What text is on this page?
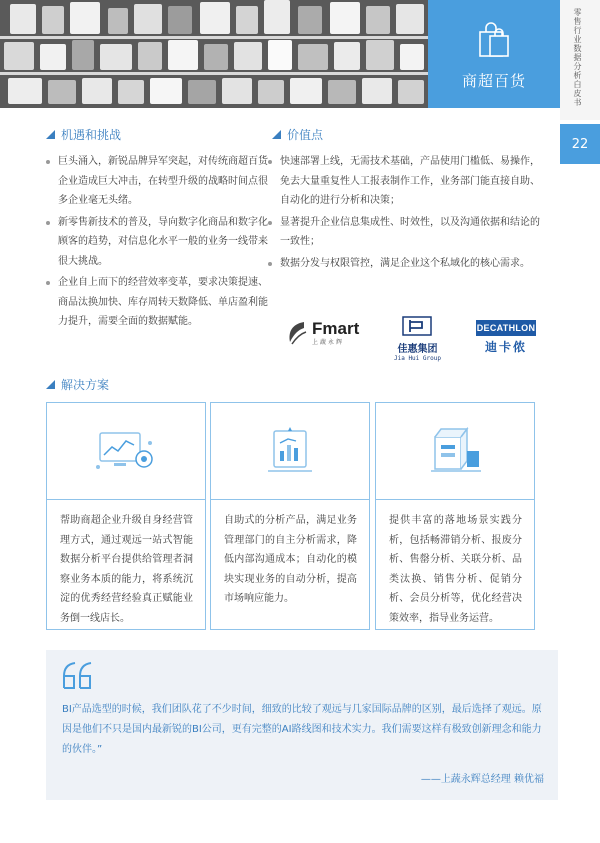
商超百货	零售行业数据分析白皮书
22
机遇和挑战
巨头涌入，新锐品牌异军突起，对传统商超百货企业造成巨大冲击，在转型升级的战略时间点很多企业毫无头绪。
新零售新技术的普及，导向数字化商品和数字化顾客的趋势，对信息化水平一般的业务一线带来很大挑战。
企业自上而下的经营效率变革，要求决策提速、商品汰换加快、库存周转天数降低、单店盈利能力提升，需要全面的数据赋能。
价值点
快速部署上线，无需技术基础，产品使用门槛低、易操作，免去大量重复性人工报表制作工作，业务部门能直接自助、自动化的进行分析和决策；
显著提升企业信息集成性、时效性，以及沟通依据和结论的一致性；
数据分发与权限管控，满足企业这个私域化的核心需求。
Fmart
上蔬永辉
佳惠集团
Jia Hui Group
DECATHLON
迪卡侬
解决方案
帮助商超企业升级自身经营管理方式，通过观远一站式智能数据分析平台提供给管理者洞察业务本质的能力，将系统沉淀的优秀经营经验真正赋能业务倒一线店长。
自助式的分析产品，满足业务管理部门的自主分析需求，降低内部沟通成本；自动化的模块实现业务的自动分析，提高市场响应能力。
提供丰富的落地场景实践分析，包括畅滞销分析、报废分析、售罄分析、关联分析、品类汰换、销售分析、促销分析、会员分析等，优化经营决策效率，指导业务运营。
BI产品选型的时候，我们团队花了不少时间，细致的比较了观远与几家国际品牌的区别，最后选择了观远。原因是他们不只是国内最新锐的BI公司，更有完整的AI路线图和技术实力。我们需要这样有极致创新理念和能力的伙伴。”
——上蔬永辉总经理 赖优福
